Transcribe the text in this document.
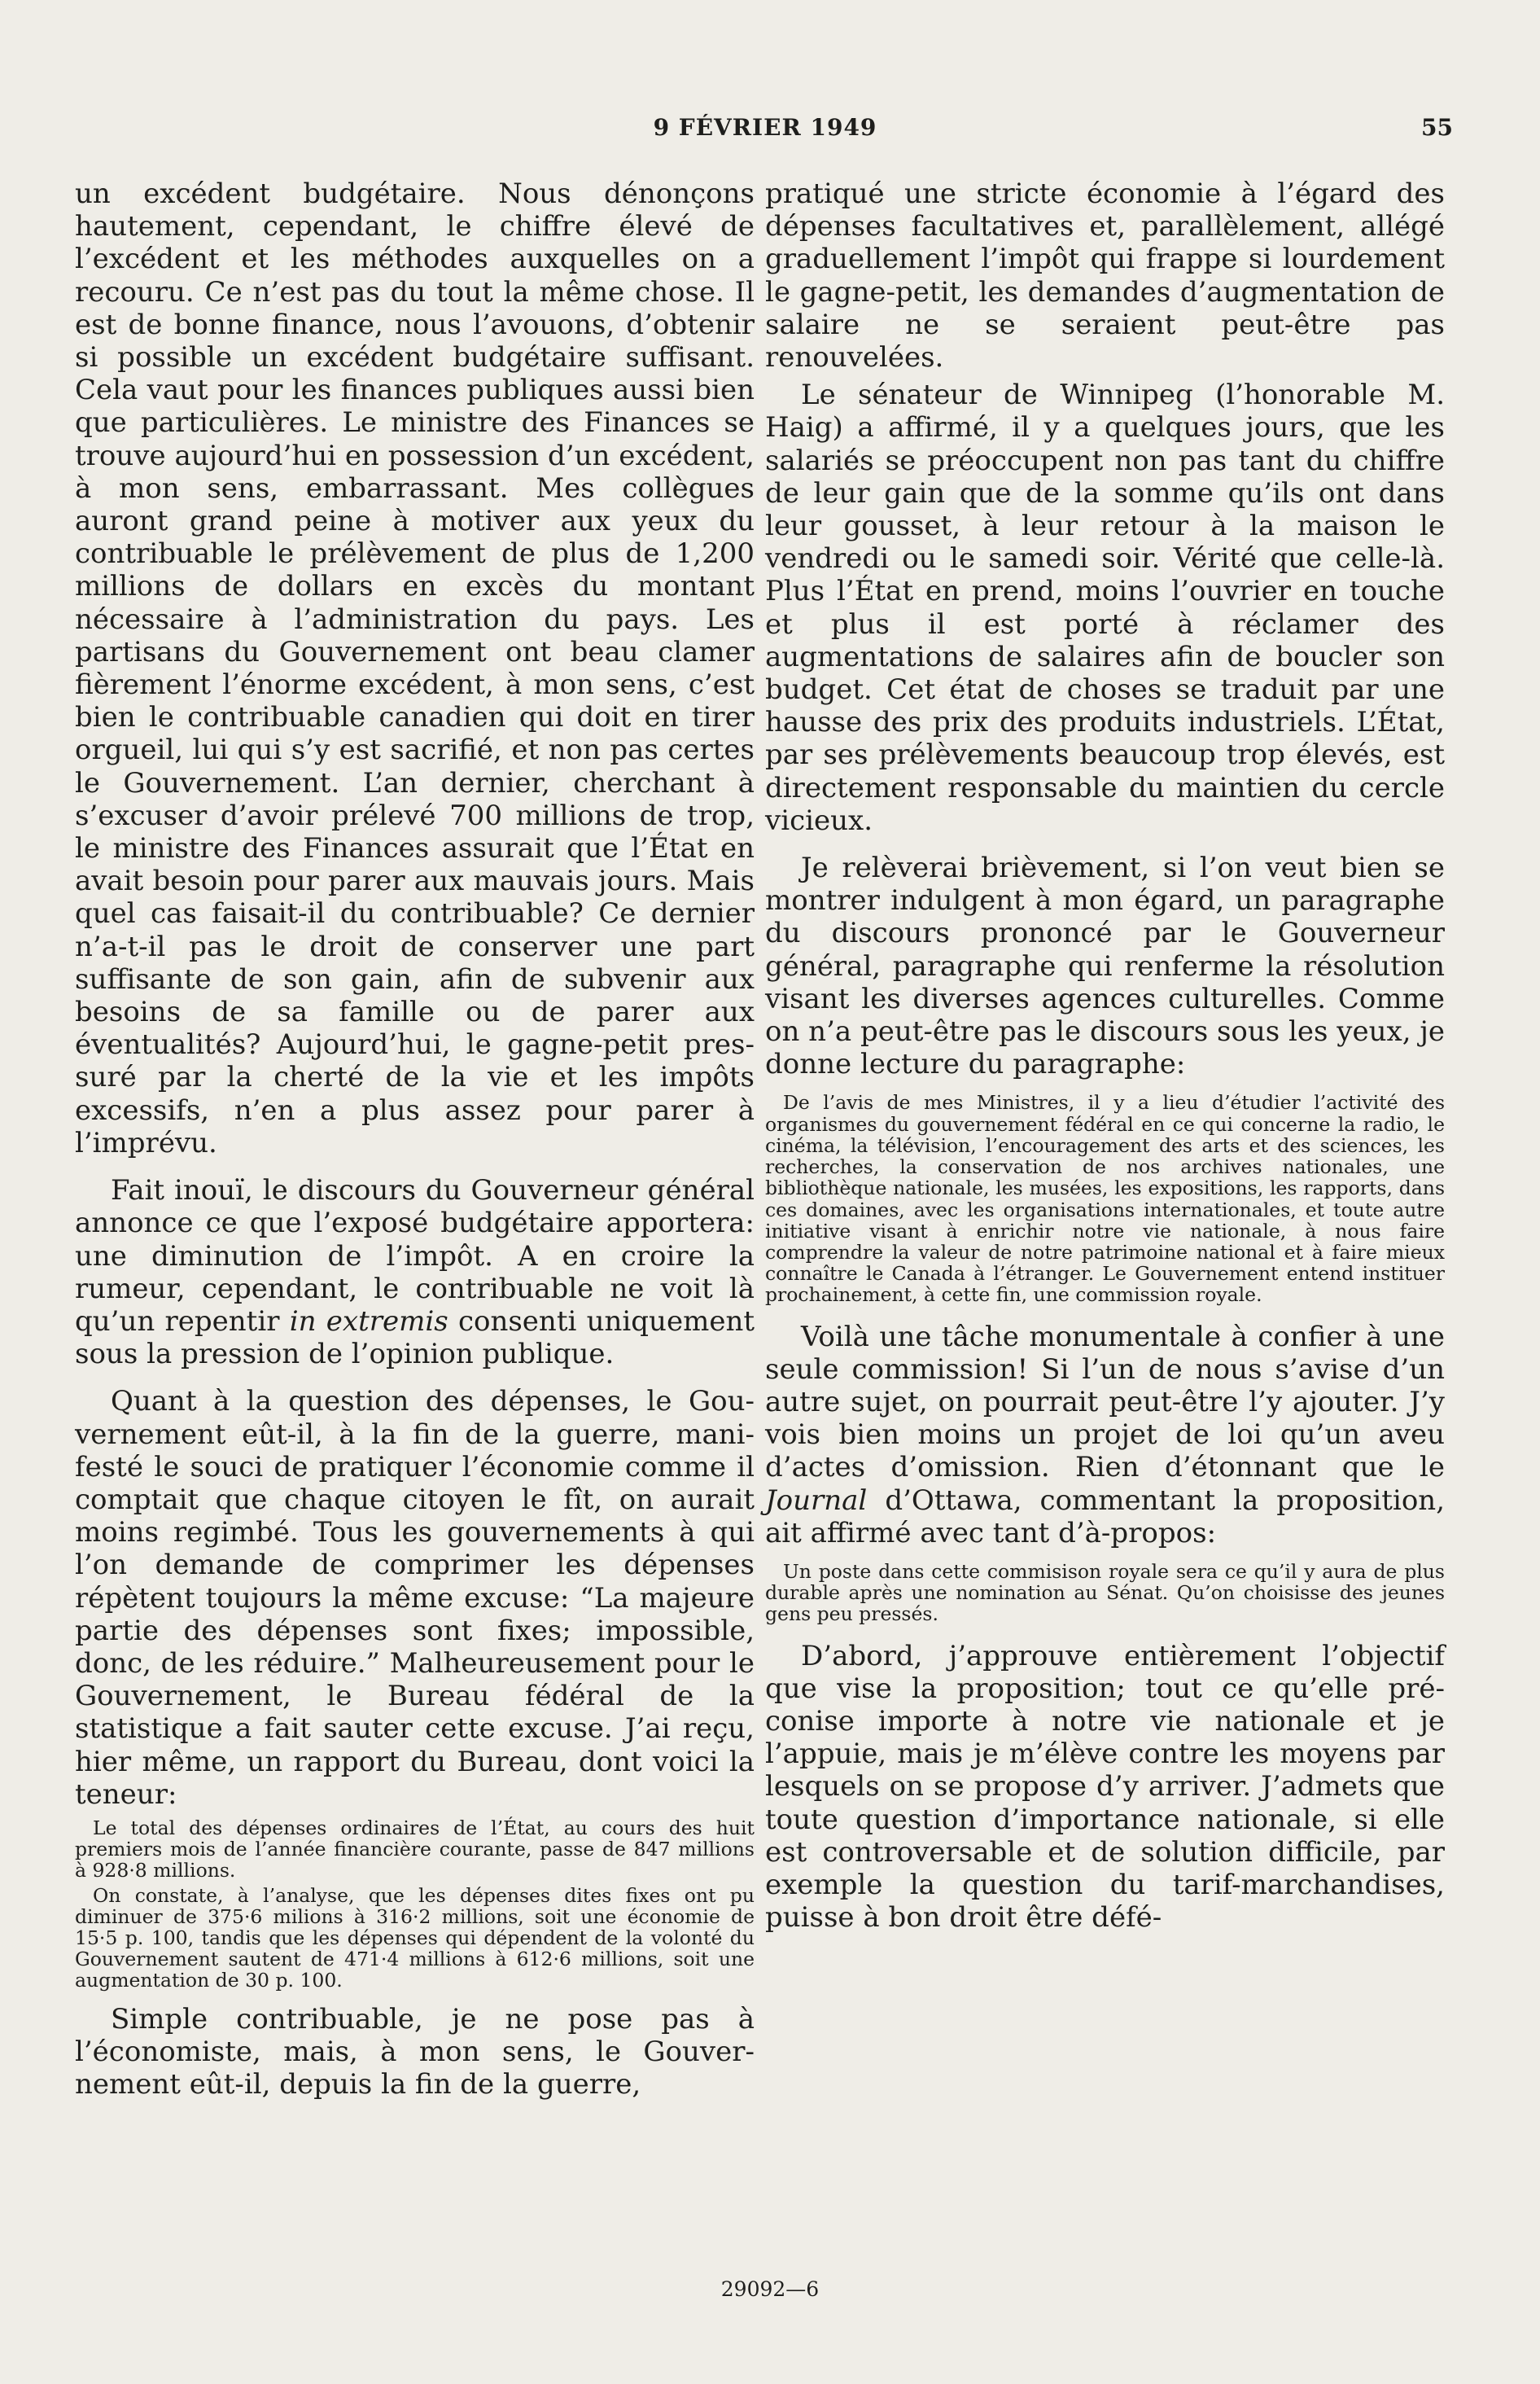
9 FÉVRIER 1949	55

un excédent budgétaire. Nous dénonçons hautement, cependant, le chiffre élevé de l’excédent et les méthodes auxquelles on a recouru. Ce n’est pas du tout la même chose. Il est de bonne finance, nous l’avouons, d’obtenir si possible un excédent budgétaire suffisant. Cela vaut pour les finances publiques aussi bien que particulières. Le ministre des Finances se trouve aujourd’hui en possession d’un excédent, à mon sens, embarrassant. Mes collègues auront grand peine à motiver aux yeux du contribuable le prélèvement de plus de 1,200 millions de dollars en excès du montant nécessaire à l’administration du pays. Les partisans du Gouvernement ont beau clamer fièrement l’énorme excédent, à mon sens, c’est bien le contribuable canadien qui doit en tirer orgueil, lui qui s’y est sacrifié, et non pas certes le Gouvernement. L’an dernier, cherchant à s’excuser d’avoir prélevé 700 millions de trop, le ministre des Finances assurait que l’État en avait besoin pour parer aux mauvais jours. Mais quel cas faisait-il du contribuable? Ce dernier n’a-t-il pas le droit de conserver une part suffisante de son gain, afin de subvenir aux besoins de sa famille ou de parer aux éventualités? Aujourd’hui, le gagne-petit pressuré par la cherté de la vie et les impôts excessifs, n’en a plus assez pour parer à l’imprévu.

Fait inouï, le discours du Gouverneur général annonce ce que l’exposé budgétaire apportera: une diminution de l’impôt. A en croire la rumeur, cependant, le contribuable ne voit là qu’un repentir in extremis consenti uniquement sous la pression de l’opinion publique.

Quant à la question des dépenses, le Gouvernement eût-il, à la fin de la guerre, manifesté le souci de pratiquer l’économie comme il comptait que chaque citoyen le fît, on aurait moins regimbé. Tous les gouvernements à qui l’on demande de comprimer les dépenses répètent toujours la même excuse: “La majeure partie des dépenses sont fixes; impossible, donc, de les réduire.” Malheureusement pour le Gouvernement, le Bureau fédéral de la statistique a fait sauter cette excuse. J’ai reçu, hier même, un rapport du Bureau, dont voici la teneur:

Le total des dépenses ordinaires de l’État, au cours des huit premiers mois de l’année financière courante, passe de 847 millions à 928·8 millions.

On constate, à l’analyse, que les dépenses dites fixes ont pu diminuer de 375·6 milions à 316·2 millions, soit une économie de 15·5 p. 100, tandis que les dépenses qui dépendent de la volonté du Gouvernement sautent de 471·4 millions à 612·6 millions, soit une augmentation de 30 p. 100.

Simple contribuable, je ne pose pas à l’économiste, mais, à mon sens, le Gouvernement eût-il, depuis la fin de la guerre,

pratiqué une stricte économie à l’égard des dépenses facultatives et, parallèlement, allégé graduellement l’impôt qui frappe si lourdement le gagne-petit, les demandes d’augmentation de salaire ne se seraient peut-être pas renouvelées.

Le sénateur de Winnipeg (l’honorable M. Haig) a affirmé, il y a quelques jours, que les salariés se préoccupent non pas tant du chiffre de leur gain que de la somme qu’ils ont dans leur gousset, à leur retour à la maison le vendredi ou le samedi soir. Vérité que celle-là. Plus l’État en prend, moins l’ouvrier en touche et plus il est porté à réclamer des augmentations de salaires afin de boucler son budget. Cet état de choses se traduit par une hausse des prix des produits industriels. L’État, par ses prélèvements beaucoup trop élevés, est directement responsable du maintien du cercle vicieux.

Je relèverai brièvement, si l’on veut bien se montrer indulgent à mon égard, un paragraphe du discours prononcé par le Gouverneur général, paragraphe qui renferme la résolution visant les diverses agences culturelles. Comme on n’a peut-être pas le discours sous les yeux, je donne lecture du paragraphe:

De l’avis de mes Ministres, il y a lieu d’étudier l’activité des organismes du gouvernement fédéral en ce qui concerne la radio, le cinéma, la télévision, l’encouragement des arts et des sciences, les recherches, la conservation de nos archives nationales, une bibliothèque nationale, les musées, les expositions, les rapports, dans ces domaines, avec les organisations internationales, et toute autre initiative visant à enrichir notre vie nationale, à nous faire comprendre la valeur de notre patrimoine national et à faire mieux connaître le Canada à l’étranger. Le Gouvernement entend instituer prochainement, à cette fin, une commission royale.

Voilà une tâche monumentale à confier à une seule commission! Si l’un de nous s’avise d’un autre sujet, on pourrait peut-être l’y ajouter. J’y vois bien moins un projet de loi qu’un aveu d’actes d’omission. Rien d’étonnant que le Journal d’Ottawa, commentant la proposition, ait affirmé avec tant d’à-propos:

Un poste dans cette commisison royale sera ce qu’il y aura de plus durable après une nomination au Sénat. Qu’on choisisse des jeunes gens peu pressés.

D’abord, j’approuve entièrement l’objectif que vise la proposition; tout ce qu’elle préconise importe à notre vie nationale et je l’appuie, mais je m’élève contre les moyens par lesquels on se propose d’y arriver. J’admets que toute question d’importance nationale, si elle est controversable et de solution difficile, par exemple la question du tarif-marchandises, puisse à bon droit être défé-

29092—6
